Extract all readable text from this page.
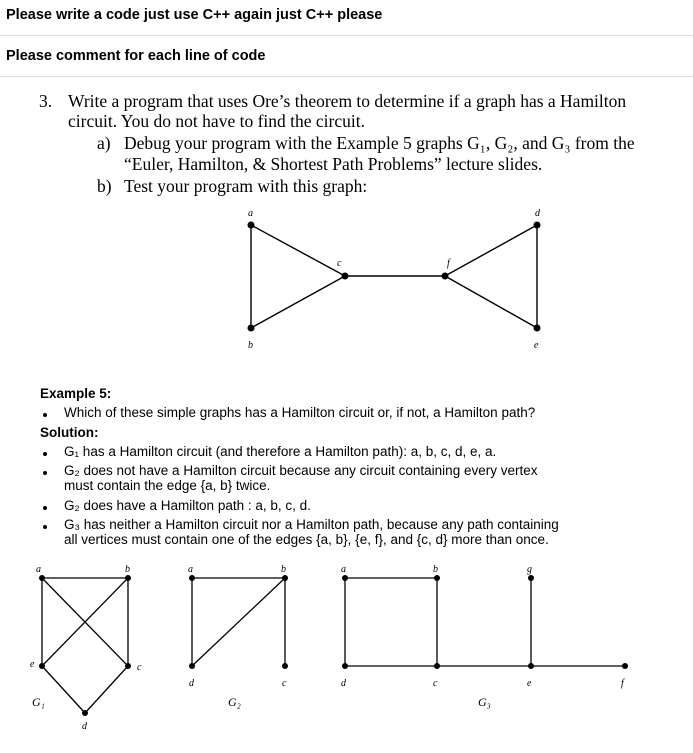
Please write a code just use C++ again just C++ please
Please comment for each line of code
3. Write a program that uses Ore’s theorem to determine if a graph has a Hamilton
circuit. You do not have to find the circuit.
a) Debug your program with the Example 5 graphs G₁, G₂, and G₃ from the
“Euler, Hamilton, & Shortest Path Problems” lecture slides.
b) Test your program with this graph:
a
b
c	f
d
e
Example 5:
Which of these simple graphs has a Hamilton circuit or, if not, a Hamilton path?
Solution:
G₁ has a Hamilton circuit (and therefore a Hamilton path): a, b, c, d, e, a.
G₂ does not have a Hamilton circuit because any circuit containing every vertex
must contain the edge {a, b} twice.
G₂ does have a Hamilton path : a, b, c, d.
G₃ has neither a Hamilton circuit nor a Hamilton path, because any path containing
all vertices must contain one of the edges {a, b}, {e, f}, and {c, d} more than once.
a	b
c
d
e
G₁
a	b
c
d
G₂
a	b	g
d	c	e	f
G₃
